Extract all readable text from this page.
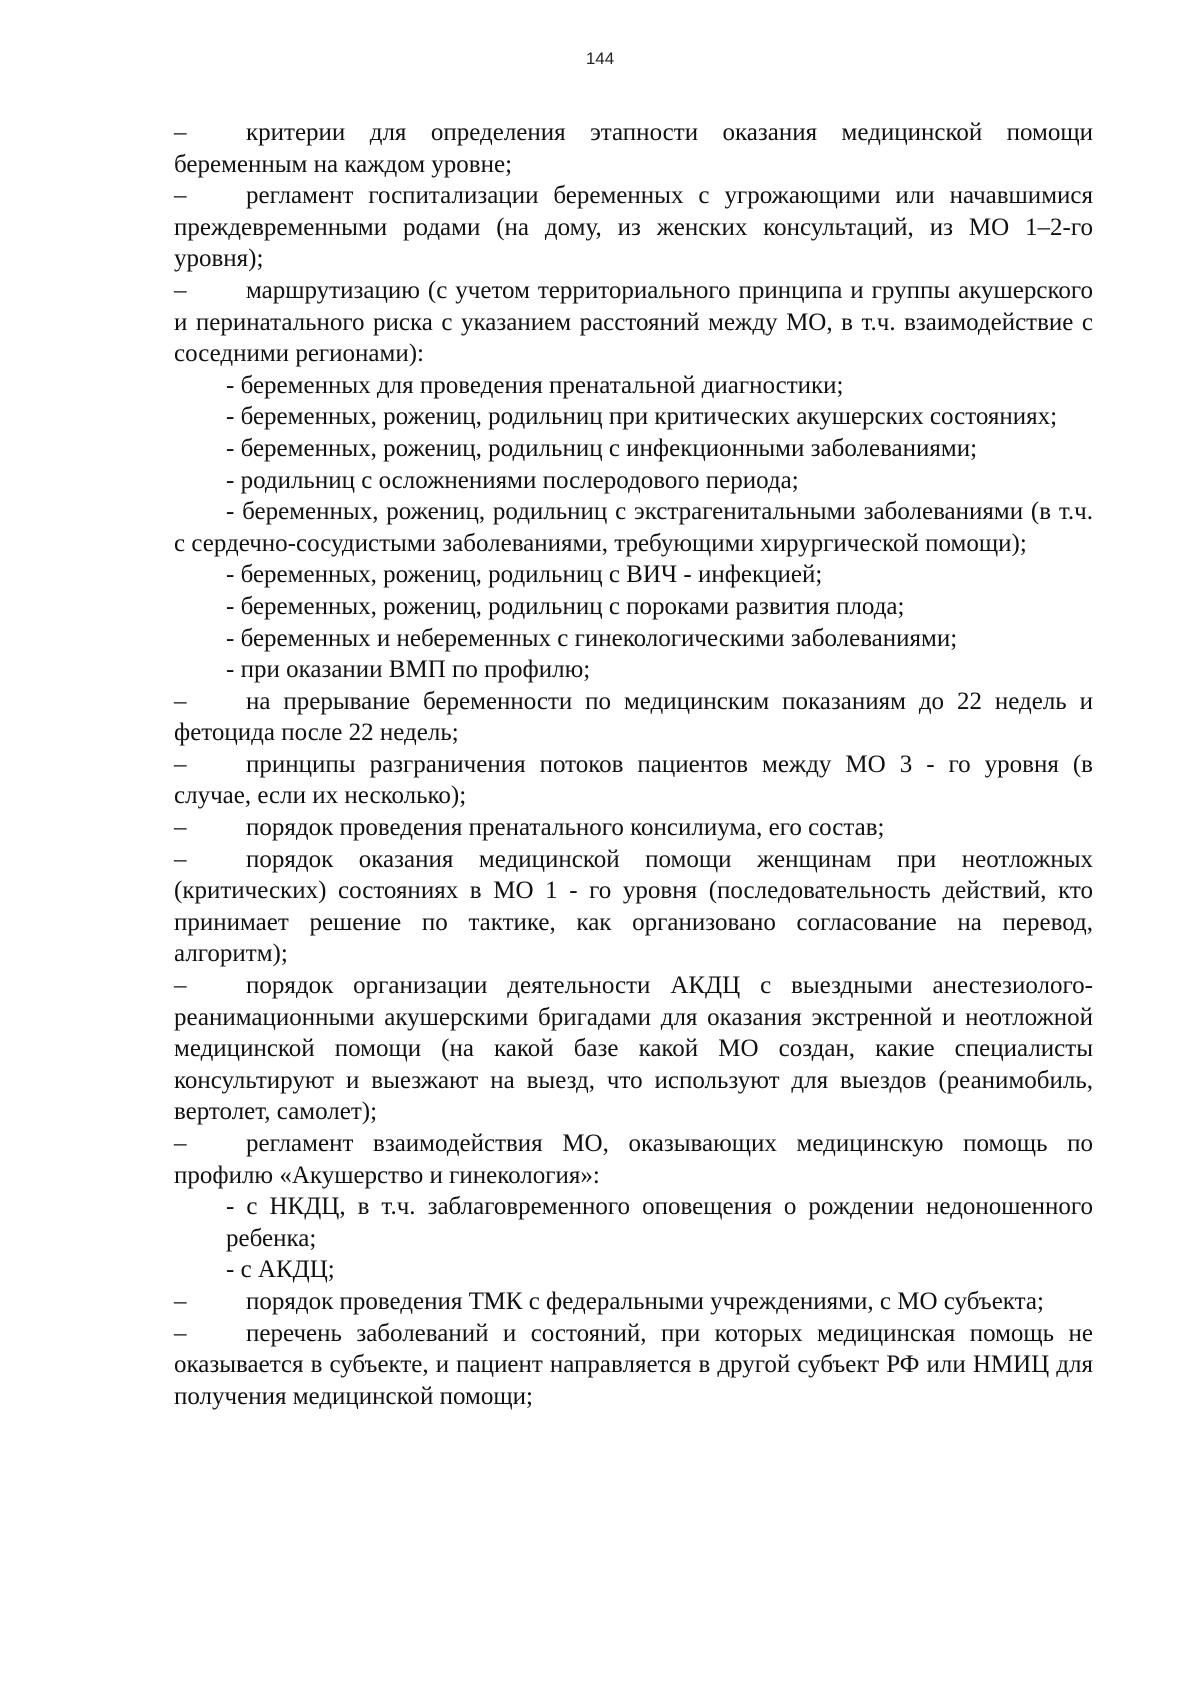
144

– критерии для определения этапности оказания медицинской помощи беременным на каждом уровне;

– регламент госпитализации беременных с угрожающими или начавшимися преждевременными родами (на дому, из женских консультаций, из МО 1–2-го уровня);

– маршрутизацию (с учетом территориального принципа и группы акушерского и перинатального риска с указанием расстояний между МО, в т.ч. взаимодействие с соседними регионами):

- беременных для проведения пренатальной диагностики;

- беременных, рожениц, родильниц при критических акушерских состояниях;

- беременных, рожениц, родильниц с инфекционными заболеваниями;

- родильниц с осложнениями послеродового периода;

- беременных, рожениц, родильниц с экстрагенитальными заболеваниями (в т.ч. с сердечно-сосудистыми заболеваниями, требующими хирургической помощи);

- беременных, рожениц, родильниц с ВИЧ - инфекцией;

- беременных, рожениц, родильниц с пороками развития плода;

- беременных и небеременных с гинекологическими заболеваниями;

- при оказании ВМП по профилю;

– на прерывание беременности по медицинским показаниям до 22 недель и фетоцида после 22 недель;

– принципы разграничения потоков пациентов между МО 3 - го уровня (в случае, если их несколько);

– порядок проведения пренатального консилиума, его состав;

– порядок оказания медицинской помощи женщинам при неотложных (критических) состояниях в МО 1 - го уровня (последовательность действий, кто принимает решение по тактике, как организовано согласование на перевод, алгоритм);

– порядок организации деятельности АКДЦ с выездными анестезиолого-реанимационными акушерскими бригадами для оказания экстренной и неотложной медицинской помощи (на какой базе какой МО создан, какие специалисты консультируют и выезжают на выезд, что используют для выездов (реанимобиль, вертолет, самолет);

– регламент взаимодействия МО, оказывающих медицинскую помощь по профилю «Акушерство и гинекология»:

- с НКДЦ, в т.ч. заблаговременного оповещения о рождении недоношенного ребенка;

- с АКДЦ;

– порядок проведения ТМК с федеральными учреждениями, с МО субъекта;

– перечень заболеваний и состояний, при которых медицинская помощь не оказывается в субъекте, и пациент направляется в другой субъект РФ или НМИЦ для получения медицинской помощи;
